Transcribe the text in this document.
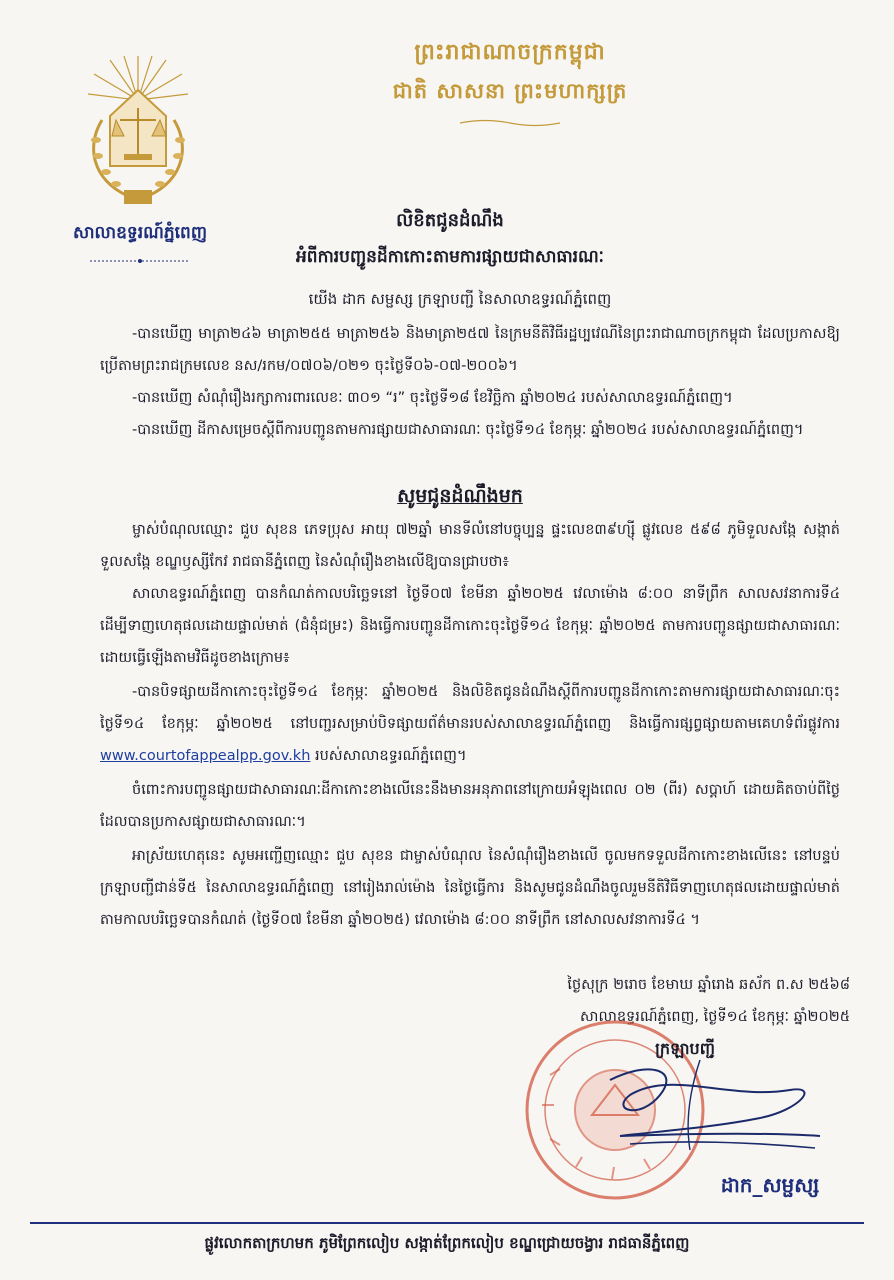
សាលាឧទ្ធរណ៍ភ្នំពេញ
ព្រះរាជាណាចក្រកម្ពុជា
ជាតិ សាសនា ព្រះមហាក្សត្រ
លិខិតជូនដំណឹង
អំពីការបញ្ជូនដីកាកោះតាមការផ្សាយជាសាធារណៈ
យើង ដាក សម្ផស្ស ក្រឡាបញ្ជី នៃសាលាឧទ្ធរណ៍ភ្នំពេញ
-បានឃើញ មាត្រា២៤៦ មាត្រា២៥៥ មាត្រា២៥៦ និងមាត្រា២៥៧ នៃក្រមនីតិវិធីរដ្ឋប្បវេណីនៃព្រះរាជាណាចក្រកម្ពុជា ដែលប្រកាសឱ្យប្រើតាមព្រះរាជក្រមលេខ នស/រកម/០៧០៦/០២១ ចុះថ្ងៃទី០៦-០៧-២០០៦។
-បានឃើញ សំណុំរឿងរក្សាការពារលេខៈ ៣០១ “រ” ចុះថ្ងៃទី១៨ ខែវិច្ឆិកា ឆ្នាំ២០២៤ របស់សាលាឧទ្ធរណ៍ភ្នំពេញ។
-បានឃើញ ដីកាសម្រេចស្តីពីការបញ្ជូនតាមការផ្សាយជាសាធារណៈ ចុះថ្ងៃទី១៤ ខែកុម្ភៈ ឆ្នាំ២០២៤ របស់សាលាឧទ្ធរណ៍ភ្នំពេញ។
សូមជូនដំណឹងមក
ម្ចាស់បំណុលឈ្មោះ ជួប សុខន ភេទប្រុស អាយុ ៧២ឆ្នាំ មានទីលំនៅបច្ចុប្បន្ន ផ្ទះលេខ៣៩ហ្ស៊ី ផ្លូវលេខ ៥៩៨ ភូមិទួលសង្កែ សង្កាត់ទួលសង្កែ ខណ្ឌឫស្សីកែវ រាជធានីភ្នំពេញ នៃសំណុំរឿងខាងលើឱ្យបានជ្រាបថា៖
សាលាឧទ្ធរណ៍ភ្នំពេញ បានកំណត់កាលបរិច្ឆេទនៅ ថ្ងៃទី០៧ ខែមីនា ឆ្នាំ២០២៥ វេលាម៉ោង ៨:០០ នាទីព្រឹក សាលសវនាការទី៤ ដើម្បីទាញហេតុផលដោយផ្ទាល់មាត់ (ជំនុំជម្រះ) និងធ្វើការបញ្ជូនដីកាកោះចុះថ្ងៃទី១៤ ខែកុម្ភៈ ឆ្នាំ២០២៥ តាមការបញ្ជូនផ្សាយជាសាធារណៈ ដោយធ្វើឡើងតាមវិធីដូចខាងក្រោម៖
-បានបិទផ្សាយដីកាកោះចុះថ្ងៃទី១៤ ខែកុម្ភៈ ឆ្នាំ២០២៥ និងលិខិតជូនដំណឹងស្តីពីការបញ្ជូនដីកាកោះតាមការផ្សាយជាសាធារណៈចុះថ្ងៃទី១៤ ខែកុម្ភៈ ឆ្នាំ២០២៥ នៅបញ្ជរសម្រាប់បិទផ្សាយព័ត៌មានរបស់សាលាឧទ្ធរណ៍ភ្នំពេញ និងធ្វើការផ្សព្វផ្សាយតាមគេហទំព័រផ្លូវការ www.courtofappealpp.gov.kh របស់សាលាឧទ្ធរណ៍ភ្នំពេញ។
ចំពោះការបញ្ជូនផ្សាយជាសាធារណៈដីកាកោះខាងលើនេះនឹងមានអនុភាពនៅក្រោយអំឡុងពេល ០២ (ពីរ) សប្តាហ៍ ដោយគិតចាប់ពីថ្ងៃដែលបានប្រកាសផ្សាយជាសាធារណៈ។
អាស្រ័យហេតុនេះ សូមអញ្ជើញឈ្មោះ ជួប សុខន ជាម្ចាស់បំណុល នៃសំណុំរឿងខាងលើ ចូលមកទទួលដីកាកោះខាងលើនេះ នៅបន្ទប់ក្រឡាបញ្ជីជាន់ទី៥ នៃសាលាឧទ្ធរណ៍ភ្នំពេញ នៅរៀងរាល់ម៉ោង នៃថ្ងៃធ្វើការ និងសូមជូនដំណឹងចូលរួមនីតិវិធីទាញហេតុផលដោយផ្ទាល់មាត់តាមកាលបរិច្ឆេទបានកំណត់ (ថ្ងៃទី០៧ ខែមីនា ឆ្នាំ២០២៥) វេលាម៉ោង ៨:០០ នាទីព្រឹក នៅសាលសវនាការទី៤ ។
ថ្ងៃសុក្រ ២រោច ខែមាឃ ឆ្នាំរោង ឆស័ក ព.ស ២៥៦៨
សាលាឧទ្ធរណ៍ភ្នំពេញ, ថ្ងៃទី១៤ ខែកុម្ភៈ ឆ្នាំ២០២៥
ក្រឡាបញ្ជី
ដាក_សម្ផស្ស
ផ្លូវលោកតាក្រហមក ភូមិព្រែកលៀប សង្កាត់ព្រែកលៀប ខណ្ឌជ្រោយចង្វារ រាជធានីភ្នំពេញ
